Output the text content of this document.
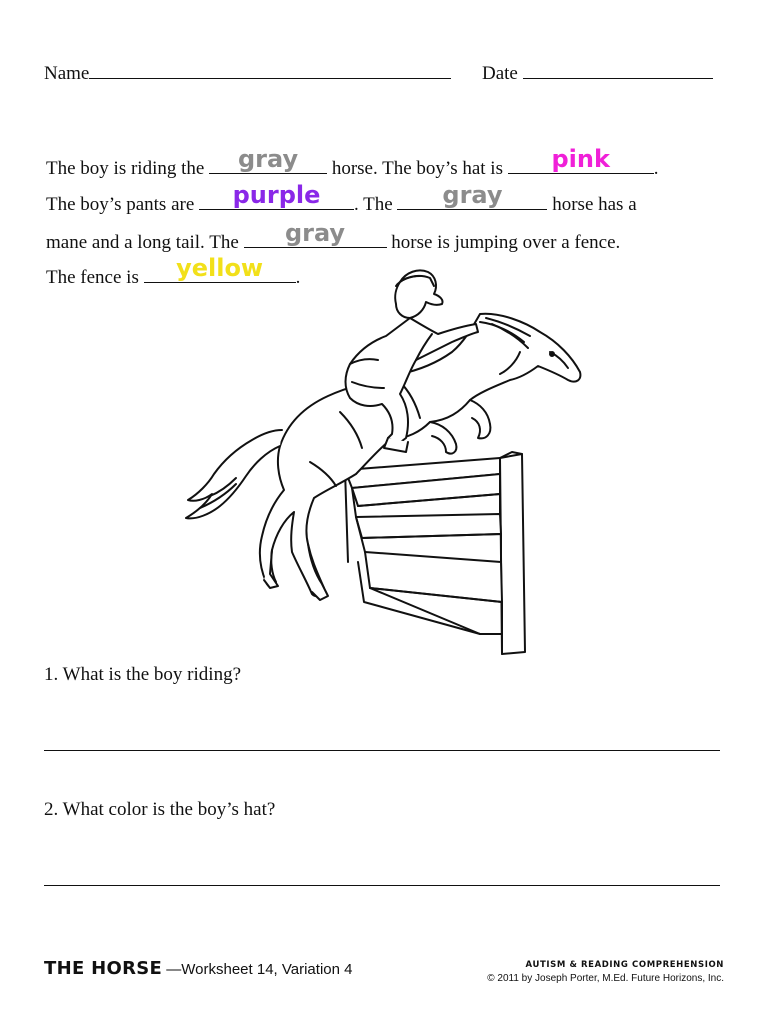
Name	Date
The boy is riding the	gray	horse. The boy’s hat is	pink	.
The boy’s pants are	purple	. The	gray	horse has a
mane and a long tail. The	gray	horse is jumping over a fence.
The fence is	yellow	.
1. What is the boy riding?
2. What color is the boy’s hat?
THE HORSE —Worksheet 14, Variation 4	AUTISM & READING COMPREHENSION
© 2011 by Joseph Porter, M.Ed. Future Horizons, Inc.
